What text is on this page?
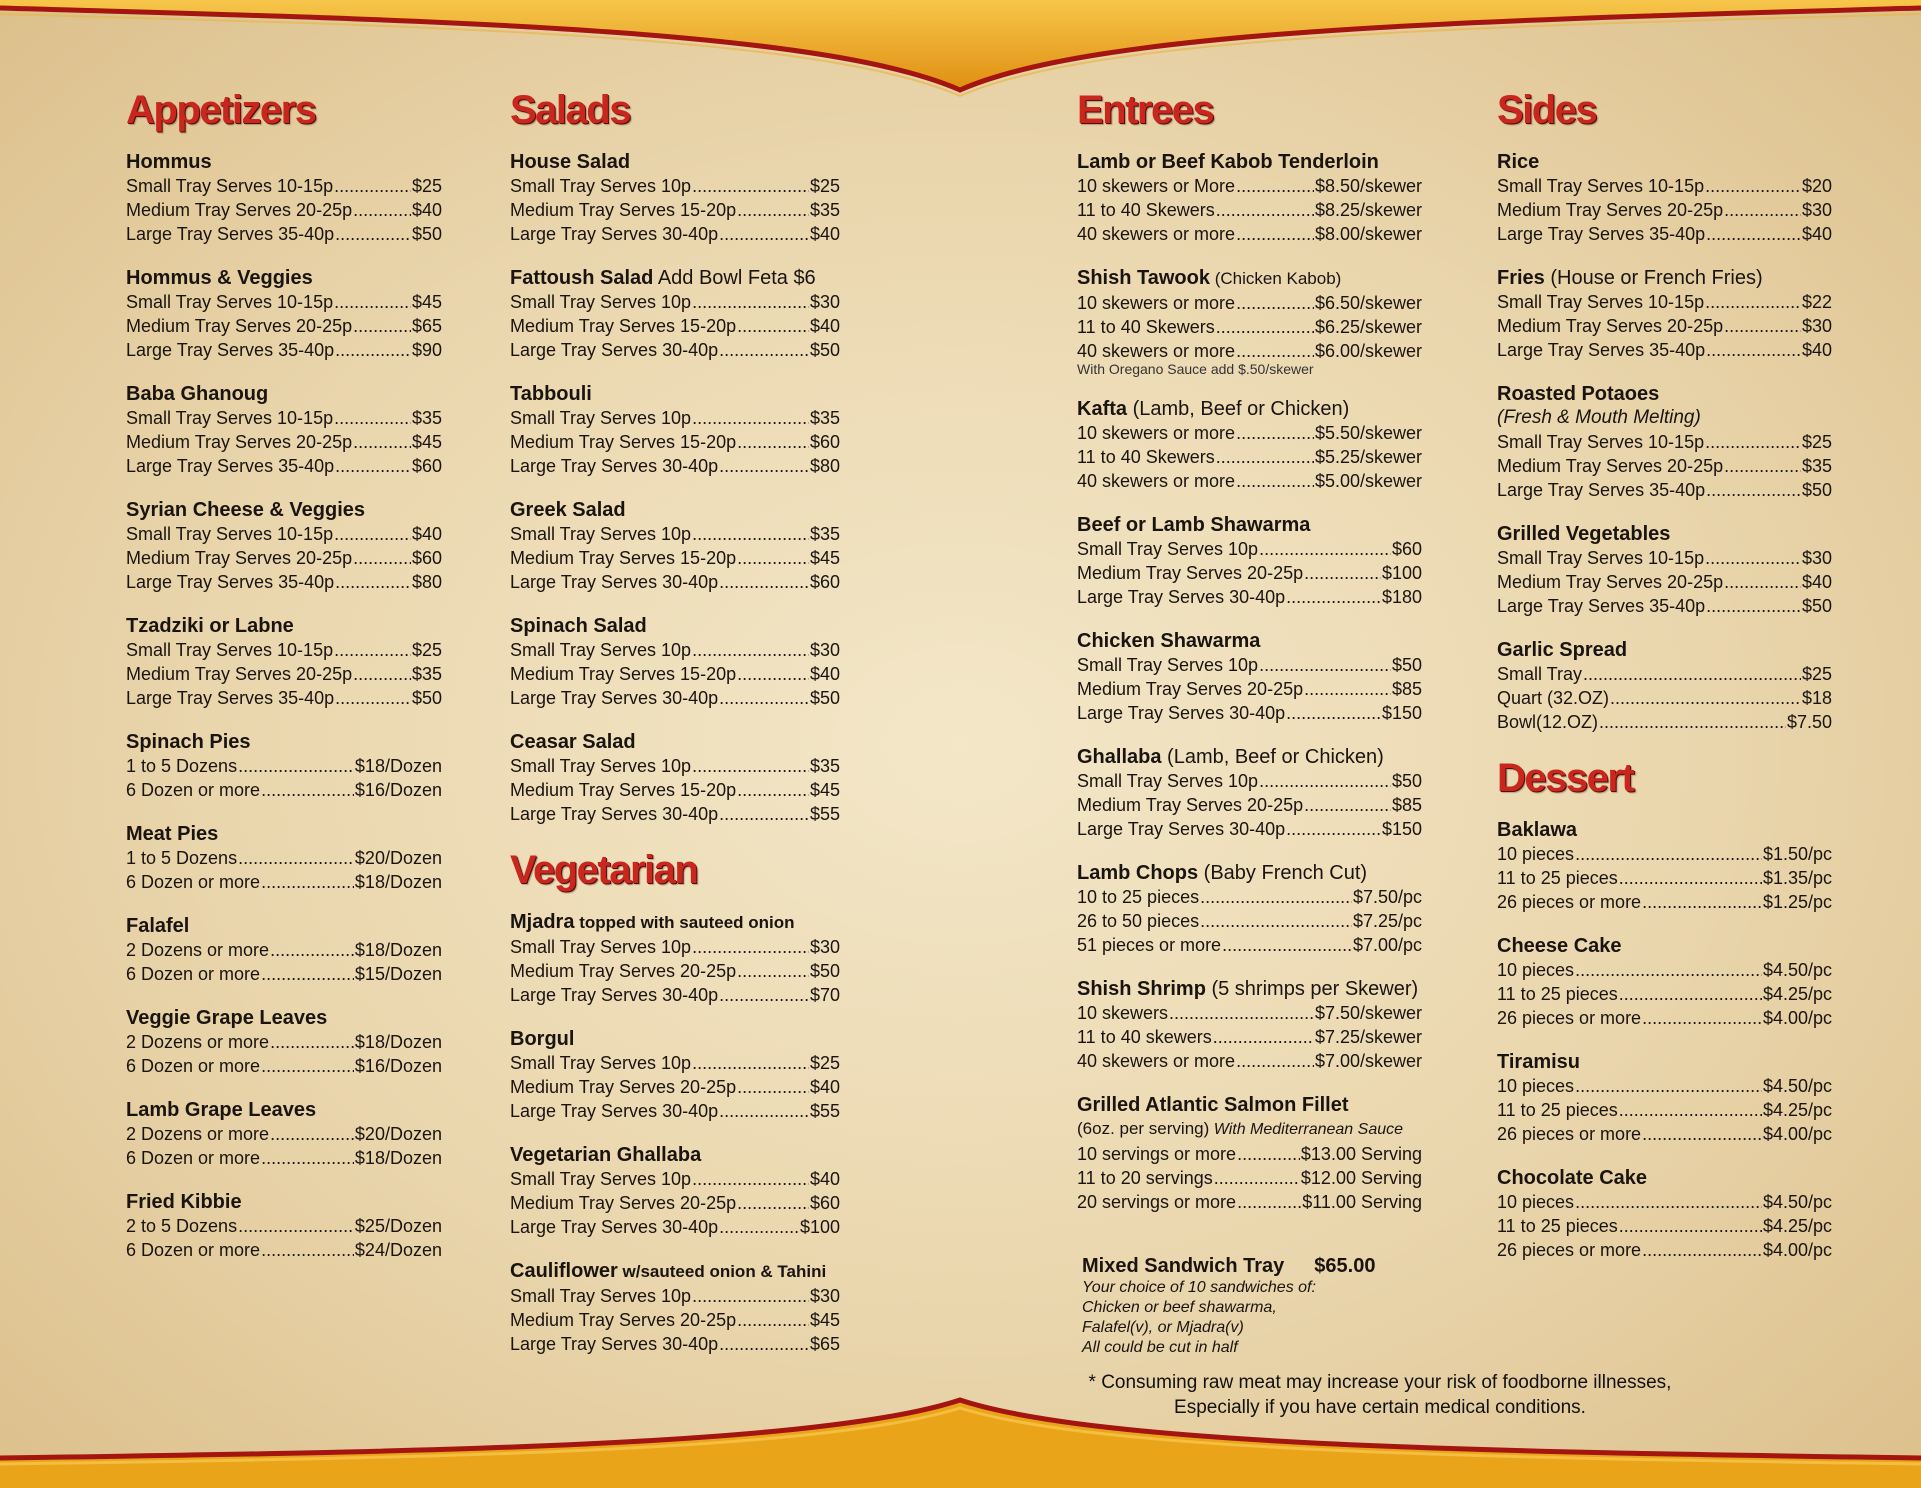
Appetizers
Hommus
Small Tray Serves 10-15p .....	$25
Medium Tray Serves 20-25p .....	$40
Large Tray Serves 35-40p .....	$50
Hommus & Veggies
Small Tray Serves 10-15p .....	$45
Medium Tray Serves 20-25p .....	$65
Large Tray Serves 35-40p .....	$90
Baba Ghanoug
Small Tray Serves 10-15p .....	$35
Medium Tray Serves 20-25p .....	$45
Large Tray Serves 35-40p .....	$60
Syrian Cheese & Veggies
Small Tray Serves 10-15p .....	$40
Medium Tray Serves 20-25p .....	$60
Large Tray Serves 35-40p .....	$80
Tzadziki or Labne
Small Tray Serves 10-15p .....	$25
Medium Tray Serves 20-25p .....	$35
Large Tray Serves 35-40p .....	$50
Spinach Pies
1 to 5 Dozens .....	$18/Dozen
6 Dozen or more .....	$16/Dozen
Meat Pies
1 to 5 Dozens .....	$20/Dozen
6 Dozen or more .....	$18/Dozen
Falafel
2 Dozens or more .....	$18/Dozen
6 Dozen or more .....	$15/Dozen
Veggie Grape Leaves
2 Dozens or more .....	$18/Dozen
6 Dozen or more .....	$16/Dozen
Lamb Grape Leaves
2 Dozens or more .....	$20/Dozen
6 Dozen or more .....	$18/Dozen
Fried Kibbie
2 to 5 Dozens .....	$25/Dozen
6 Dozen or more .....	$24/Dozen
Salads
House Salad
Small Tray Serves 10p .....	$25
Medium Tray Serves 15-20p .....	$35
Large Tray Serves 30-40p .....	$40
Fattoush Salad Add Bowl Feta $6
Small Tray Serves 10p .....	$30
Medium Tray Serves 15-20p .....	$40
Large Tray Serves 30-40p .....	$50
Tabbouli
Small Tray Serves 10p .....	$35
Medium Tray Serves 15-20p .....	$60
Large Tray Serves 30-40p .....	$80
Greek Salad
Small Tray Serves 10p .....	$35
Medium Tray Serves 15-20p .....	$45
Large Tray Serves 30-40p .....	$60
Spinach Salad
Small Tray Serves 10p .....	$30
Medium Tray Serves 15-20p .....	$40
Large Tray Serves 30-40p .....	$50
Ceasar Salad
Small Tray Serves 10p .....	$35
Medium Tray Serves 15-20p .....	$45
Large Tray Serves 30-40p .....	$55
Vegetarian
Mjadra topped with sauteed onion
Small Tray Serves 10p .....	$30
Medium Tray Serves 20-25p .....	$50
Large Tray Serves 30-40p .....	$70
Borgul
Small Tray Serves 10p .....	$25
Medium Tray Serves 20-25p .....	$40
Large Tray Serves 30-40p .....	$55
Vegetarian Ghallaba
Small Tray Serves 10p .....	$40
Medium Tray Serves 20-25p .....	$60
Large Tray Serves 30-40p .....	$100
Cauliflower w/sauteed onion & Tahini
Small Tray Serves 10p .....	$30
Medium Tray Serves 20-25p .....	$45
Large Tray Serves 30-40p .....	$65
Entrees
Lamb or Beef Kabob Tenderloin
10 skewers or More .....	$8.50/skewer
11 to 40 Skewers .....	$8.25/skewer
40 skewers or more .....	$8.00/skewer
Shish Tawook (Chicken Kabob)
10 skewers or more .....	$6.50/skewer
11 to 40 Skewers .....	$6.25/skewer
40 skewers or more .....	$6.00/skewer
With Oregano Sauce add $.50/skewer
Kafta (Lamb, Beef or Chicken)
10 skewers or more .....	$5.50/skewer
11 to 40 Skewers .....	$5.25/skewer
40 skewers or more .....	$5.00/skewer
Beef or Lamb Shawarma
Small Tray Serves 10p .....	$60
Medium Tray Serves 20-25p .....	$100
Large Tray Serves 30-40p .....	$180
Chicken Shawarma
Small Tray Serves 10p .....	$50
Medium Tray Serves 20-25p .....	$85
Large Tray Serves 30-40p .....	$150
Ghallaba (Lamb, Beef or Chicken)
Small Tray Serves 10p .....	$50
Medium Tray Serves 20-25p .....	$85
Large Tray Serves 30-40p .....	$150
Lamb Chops (Baby French Cut)
10 to 25 pieces .....	$7.50/pc
26 to 50 pieces .....	$7.25/pc
51 pieces or more .....	$7.00/pc
Shish Shrimp (5 shrimps per Skewer)
10 skewers .....	$7.50/skewer
11 to 40 skewers .....	$7.25/skewer
40 skewers or more .....	$7.00/skewer
Grilled Atlantic Salmon Fillet
(6oz. per serving) With Mediterranean Sauce
10 servings or more .....	$13.00 Serving
11 to 20 servings .....	$12.00 Serving
20 servings or more .....	$11.00 Serving
Sides
Rice
Small Tray Serves 10-15p .....	$20
Medium Tray Serves 20-25p .....	$30
Large Tray Serves 35-40p .....	$40
Fries (House or French Fries)
Small Tray Serves 10-15p .....	$22
Medium Tray Serves 20-25p .....	$30
Large Tray Serves 35-40p .....	$40
Roasted Potaoes
(Fresh & Mouth Melting)
Small Tray Serves 10-15p .....	$25
Medium Tray Serves 20-25p .....	$35
Large Tray Serves 35-40p .....	$50
Grilled Vegetables
Small Tray Serves 10-15p .....	$30
Medium Tray Serves 20-25p .....	$40
Large Tray Serves 35-40p .....	$50
Garlic Spread
Small Tray .....	$25
Quart (32.OZ) .....	$18
Bowl(12.OZ) .....	$7.50
Dessert
Baklawa
10 pieces .....	$1.50/pc
11 to 25 pieces .....	$1.35/pc
26 pieces or more .....	$1.25/pc
Cheese Cake
10 pieces .....	$4.50/pc
11 to 25 pieces .....	$4.25/pc
26 pieces or more .....	$4.00/pc
Tiramisu
10 pieces .....	$4.50/pc
11 to 25 pieces .....	$4.25/pc
26 pieces or more .....	$4.00/pc
Chocolate Cake
10 pieces .....	$4.50/pc
11 to 25 pieces .....	$4.25/pc
26 pieces or more .....	$4.00/pc
Mixed Sandwich Tray $65.00
Your choice of 10 sandwiches of:
Chicken or beef shawarma,
Falafel(v), or Mjadra(v)
All could be cut in half
* Consuming raw meat may increase your risk of foodborne illnesses,
Especially if you have certain medical conditions.
